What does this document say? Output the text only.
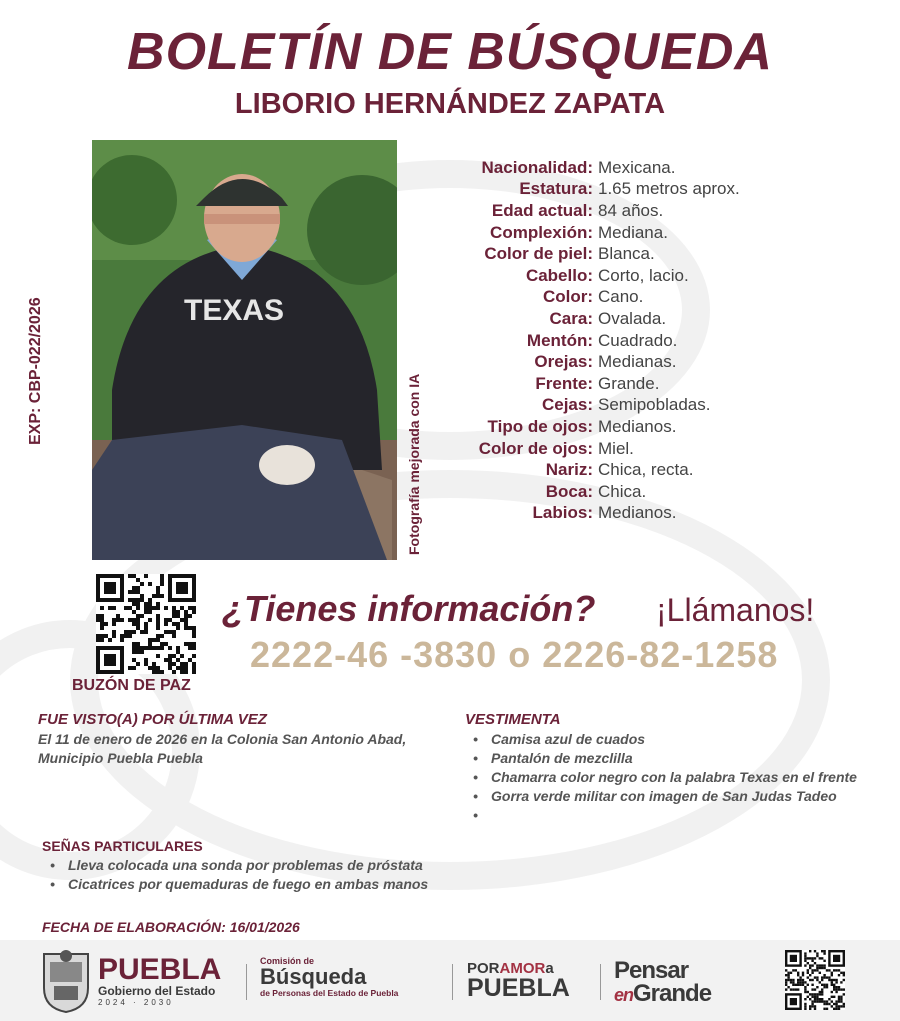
BOLETÍN DE BÚSQUEDA
LIBORIO HERNÁNDEZ ZAPATA
EXP: CBP-022/2026	TEXAS
Fotografía mejorada con IA
Nacionalidad: Mexicana.
Estatura: 1.65 metros aprox.
Edad actual: 84 años.
Complexión: Mediana.
Color de piel: Blanca.
Cabello: Corto, lacio.
Color: Cano.
Cara: Ovalada.
Mentón: Cuadrado.
Orejas: Medianas.
Frente: Grande.
Cejas: Semipobladas.
Tipo de ojos: Medianos.
Color de ojos: Miel.
Nariz: Chica, recta.
Boca: Chica.
Labios: Medianos.
BUZÓN DE PAZ
¿Tienes información? ¡Llámanos!
2222-46 -3830 o 2226-82-1258
FUE VISTO(A) POR ÚLTIMA VEZ
El 11 de enero de 2026 en la Colonia San Antonio Abad, Municipio Puebla Puebla
VESTIMENTA
• Camisa azul de cuados
• Pantalón de mezclilla
• Chamarra color negro con la palabra Texas en el frente
• Gorra verde militar con imagen de San Judas Tadeo
•
SEÑAS PARTICULARES
• Lleva colocada una sonda por problemas de próstata
• Cicatrices por quemaduras de fuego en ambas manos
FECHA DE ELABORACIÓN: 16/01/2026
PUEBLA
Gobierno del Estado
2024 · 2030
Comisión de
Búsqueda
de Personas del Estado de Puebla
PORAMORa
PUEBLA
Pensar
enGrande
